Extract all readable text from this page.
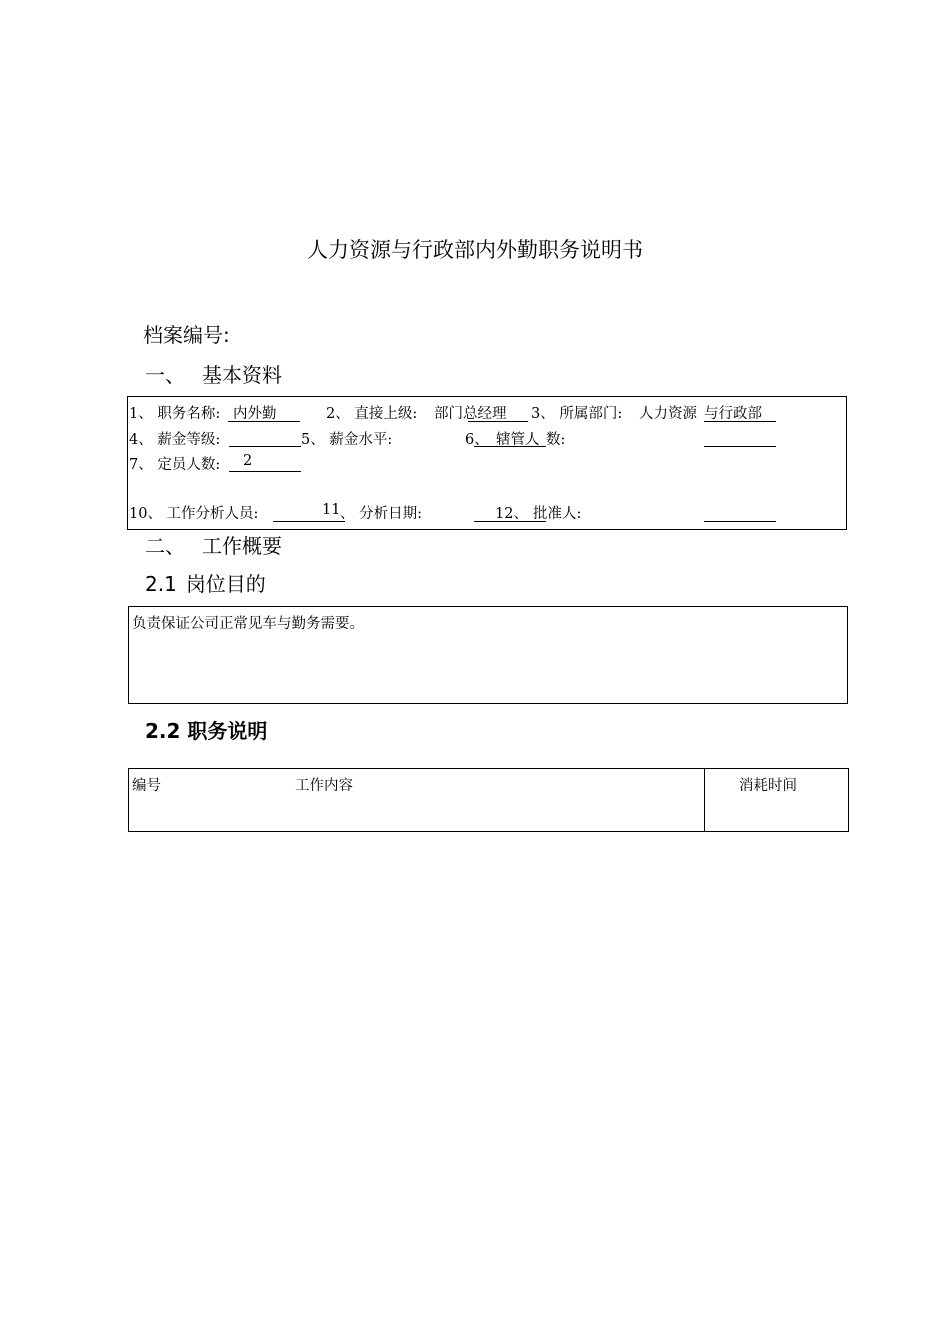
人力资源与行政部内外勤职务说明书
档案编号:
一、 基本资料
1、 职务名称: 内外勤	2、 直接上级: 部门总经理 3、 所属部门: 人力资源 与行政部
4、 薪金等级:	5、 薪金水平:	6、 辖管人 数:
7、 定员人数: 2
10、 工作分析人员:	11 、 分析日期:	12、 批准人:
二、 工作概要
2.1 岗位目的
负责保证公司正常见车与勤务需要。
2.2 职务说明
编号	工作内容	消耗时间
